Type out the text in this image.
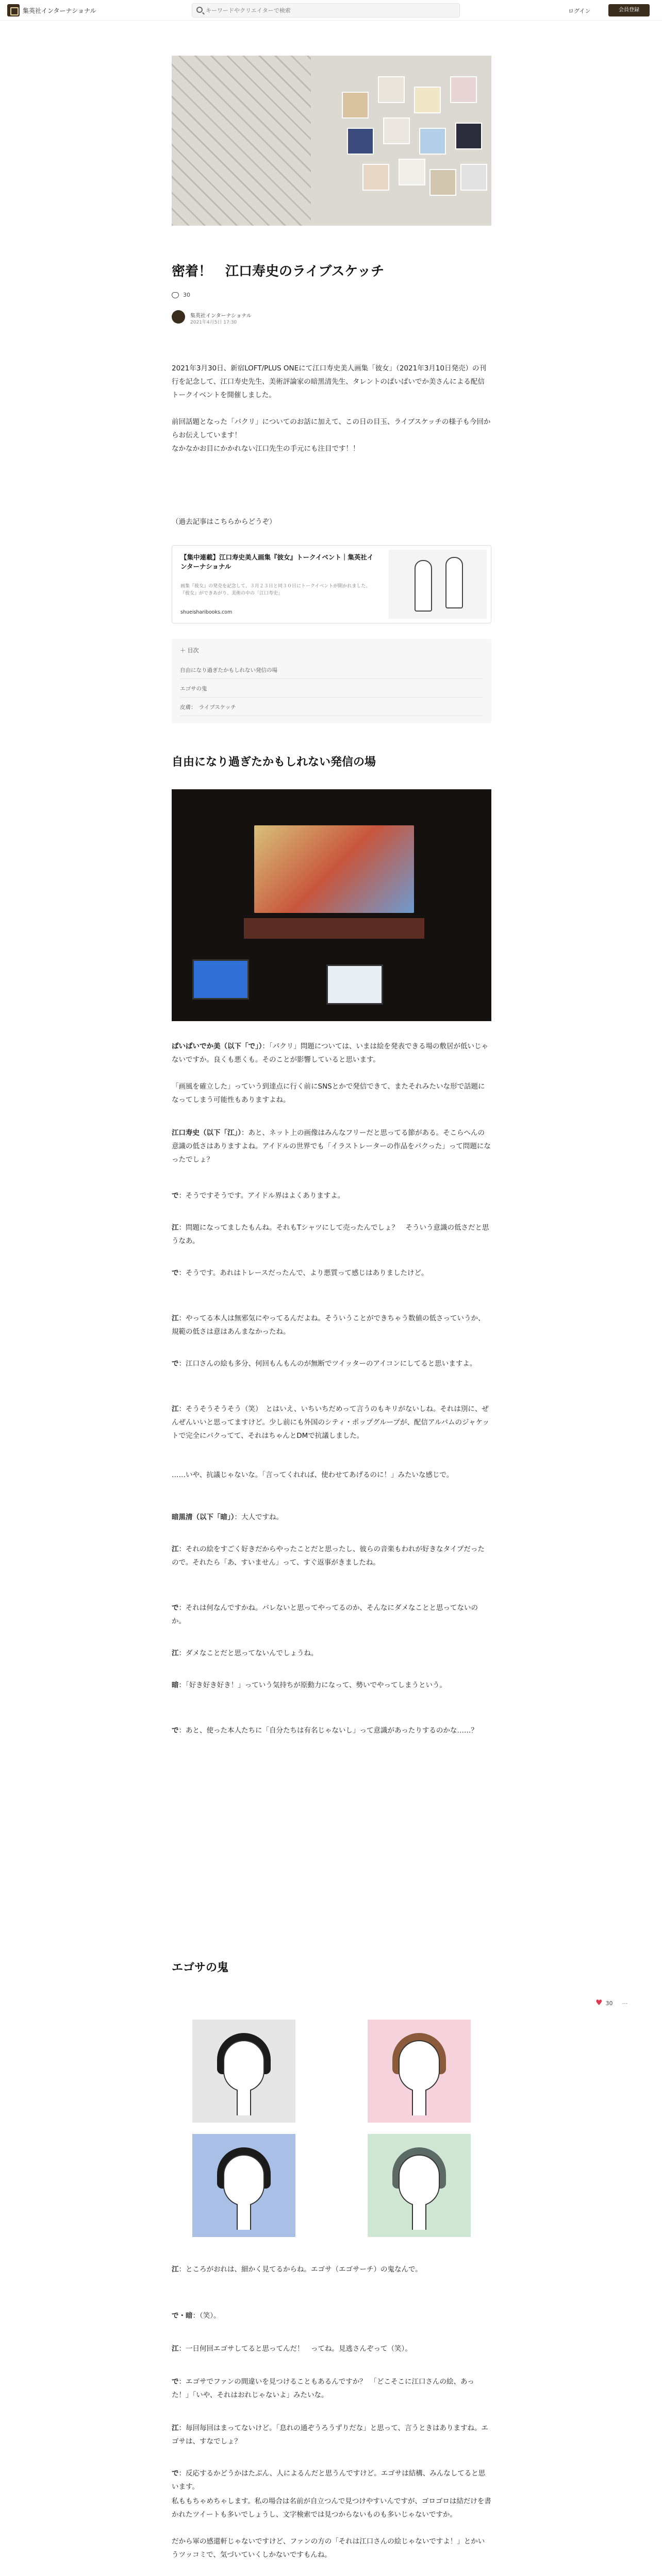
集英社インターナショナル
キーワードやクリエイターで検索	ログイン	会員登録
密着！　江口寿史のライブスケッチ
30
集英社インターナショナル
2021年4月5日 17:30
2021年3月30日、新宿LOFT/PLUS ONEにて江口寿史美人画集「彼女」（2021年3月10日発売）の刊行を記念して、江口寿史先生、美術評論家の暗黒清先生、タレントのぱいぱいでか美さんによる配信トークイベントを開催しました。
前回話題となった「パクリ」についてのお話に加えて、この日の目玉、ライブスケッチの様子も今回からお伝えしています！
なかなかお目にかかれない江口先生の手元にも注目です！！
（過去記事はこちらからどうぞ）
【集中連載】江口寿史美人画集『彼女』トークイベント｜集英社インターナショナル
画集『彼女』の発売を記念して、３月２３日と同３０日にトークイベントが開かれました。『彼女』ができあがり、美術の中の「江口寿史」
shueisharibooks.com
＋ 目次
自由になり過ぎたかもしれない発信の場
エゴサの鬼
皮膚：　ライブスケッチ
自由になり過ぎたかもしれない発信の場
ぱいぱいでか美（以下「で」）：「パクリ」問題については、いまは絵を発表できる場の敷居が低いじゃないですか。良くも悪くも。そのことが影響していると思います。
「画風を確立した」っていう到達点に行く前にSNSとかで発信できて、またそれみたいな形で話題になってしまう可能性もありますよね。
江口寿史（以下「江」）：あと、ネット上の画像はみんなフリーだと思ってる節がある。そこらへんの意識の低さはありますよね。アイドルの世界でも「イラストレーターの作品をパクった」って問題になったでしょ？
で：そうですそうです。アイドル界はよくありますよ。
江：問題になってましたもんね。それもTシャツにして売ったんでしょ？　そういう意識の低さだと思うなあ。
で：そうです。あれはトレースだったんで、より悪質って感じはありましたけど。
江：やってる本人は無邪気にやってるんだよね。そういうことができちゃう数値の低さっていうか、規範の低さは意はあんまなかったね。
で：江口さんの絵も多分、何回もんもんのが無断でツイッターのアイコンにしてると思いますよ。
江：そうそうそうそう（笑）　とはいえ、いちいちだめって言うのもキリがないしね。それは別に、ぜんぜんいいと思ってますけど。少し前にも外国のシティ・ポップグループが、配信アルバムのジャケットで完全にパクってて、それはちゃんとDMで抗議しました。
……いや、抗議じゃないな。「言ってくれれば、使わせてあげるのに！」みたいな感じで。
暗黒清（以下「暗」）：大人ですね。
江：それの絵をすごく好きだからやったことだと思ったし、彼らの音楽もわれが好きなタイプだったので。それたら「あ、すいません」って、すぐ返事がきましたね。
で：それは何なんですかね。バレないと思ってやってるのか、そんなにダメなことと思ってないのか。
江：ダメなことだと思ってないんでしょうね。
暗：「好き好き好き！」っていう気持ちが原動力になって、勢いでやってしまうという。
で：あと、使った本人たちに「自分たちは有名じゃないし」って意識があったりするのかな……？
エゴサの鬼
♥ 30 ⋯
江：ところがおれは、細かく見てるからね。エゴサ（エゴサーチ）の鬼なんで。
で・暗：（笑）。
江：一日何回エゴサしてると思ってんだ！　ってね。見逃さんぞって（笑）。
で：エゴサでファンの間違いを見つけることもあるんですか？　「どこそこに江口さんの絵、あった！」「いや、それはおれじゃないよ」みたいな。
江：毎回毎回はまってないけど。「息れの通ぞうろうずりだな」と思って、言うときはありますね。エゴサは、すなでしょ？
で：反応するかどうかはたぶん、人によるんだと思うんですけど。エゴサは結構、みんなしてると思います。
私ももちゃめちゃします。私の場合は名前が自立つんで見つけやすいんですが、ゴロゴロは結だけを書かれたツイートも多いでしょうし、文字検索では見つからないものも多いじゃないですか。
だから軍の感還軒じゃないですけど、ファンの方の「それは江口さんの絵じゃないですよ！」とかいうツッコミで、気づいていくしかないですもんね。
